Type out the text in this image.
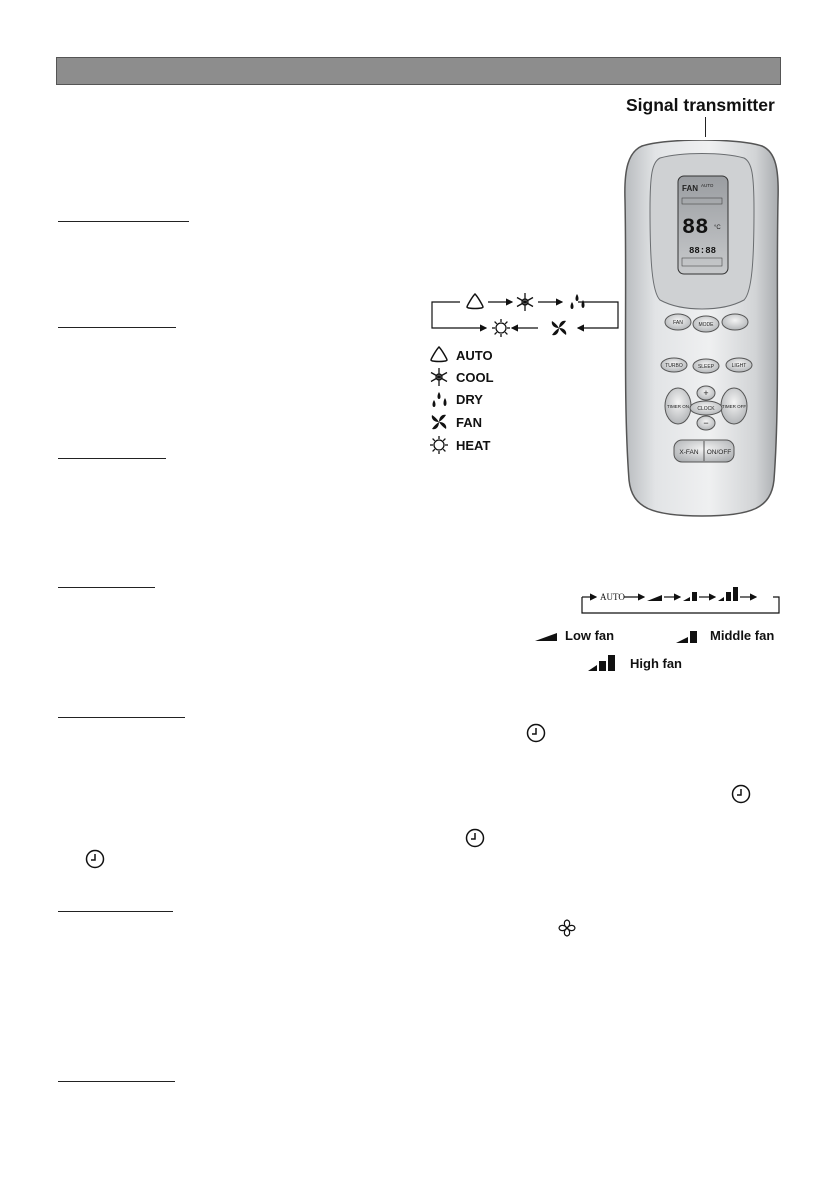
Signal transmitter
AUTO
COOL
DRY
FAN
HEAT
FAN AUTO
88 °C
88:88
FAN	MODE
TURBO	SLEEP	LIGHT
TIMER ON	TIMER OFF
CLOCK
+
−
X-FAN ON/OFF
AUTO
Low fan	Middle fan
High fan
